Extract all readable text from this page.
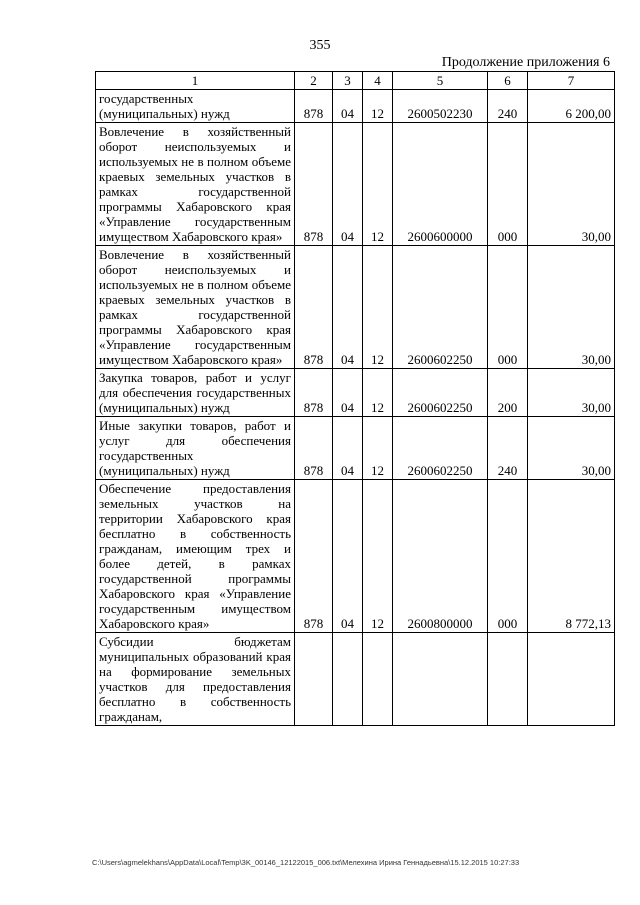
355
Продолжение приложения 6
1	2	3	4	5	6	7
государственных (муниципальных) нужд	878	04	12	2600502230	240	6 200,00
Вовлечение в хозяйственный оборот неиспользуемых и используемых не в полном объеме краевых земельных участков в рамках государственной программы Хабаровского края «Управление государственным имуществом Хабаровского края»	878	04	12	2600600000	000	30,00
Вовлечение в хозяйственный оборот неиспользуемых и используемых не в полном объеме краевых земельных участков в рамках государственной программы Хабаровского края «Управление государственным имуществом Хабаровского края»	878	04	12	2600602250	000	30,00
Закупка товаров, работ и услуг для обеспечения государственных (муниципальных) нужд	878	04	12	2600602250	200	30,00
Иные закупки товаров, работ и услуг для обеспечения государственных (муниципальных) нужд	878	04	12	2600602250	240	30,00
Обеспечение предоставления земельных участков на территории Хабаровского края бесплатно в собственность гражданам, имеющим трех и более детей, в рамках государственной программы Хабаровского края «Управление государственным имуществом Хабаровского края»	878	04	12	2600800000	000	8 772,13
Субсидии бюджетам муниципальных образований края на формирование земельных участков для предоставления бесплатно в собственность гражданам,						
C:\Users\agmelekhans\AppData\Local\Temp\3K_00146_12122015_006.txt\Мелехина Ирина Геннадьевна\15.12.2015 10:27:33
